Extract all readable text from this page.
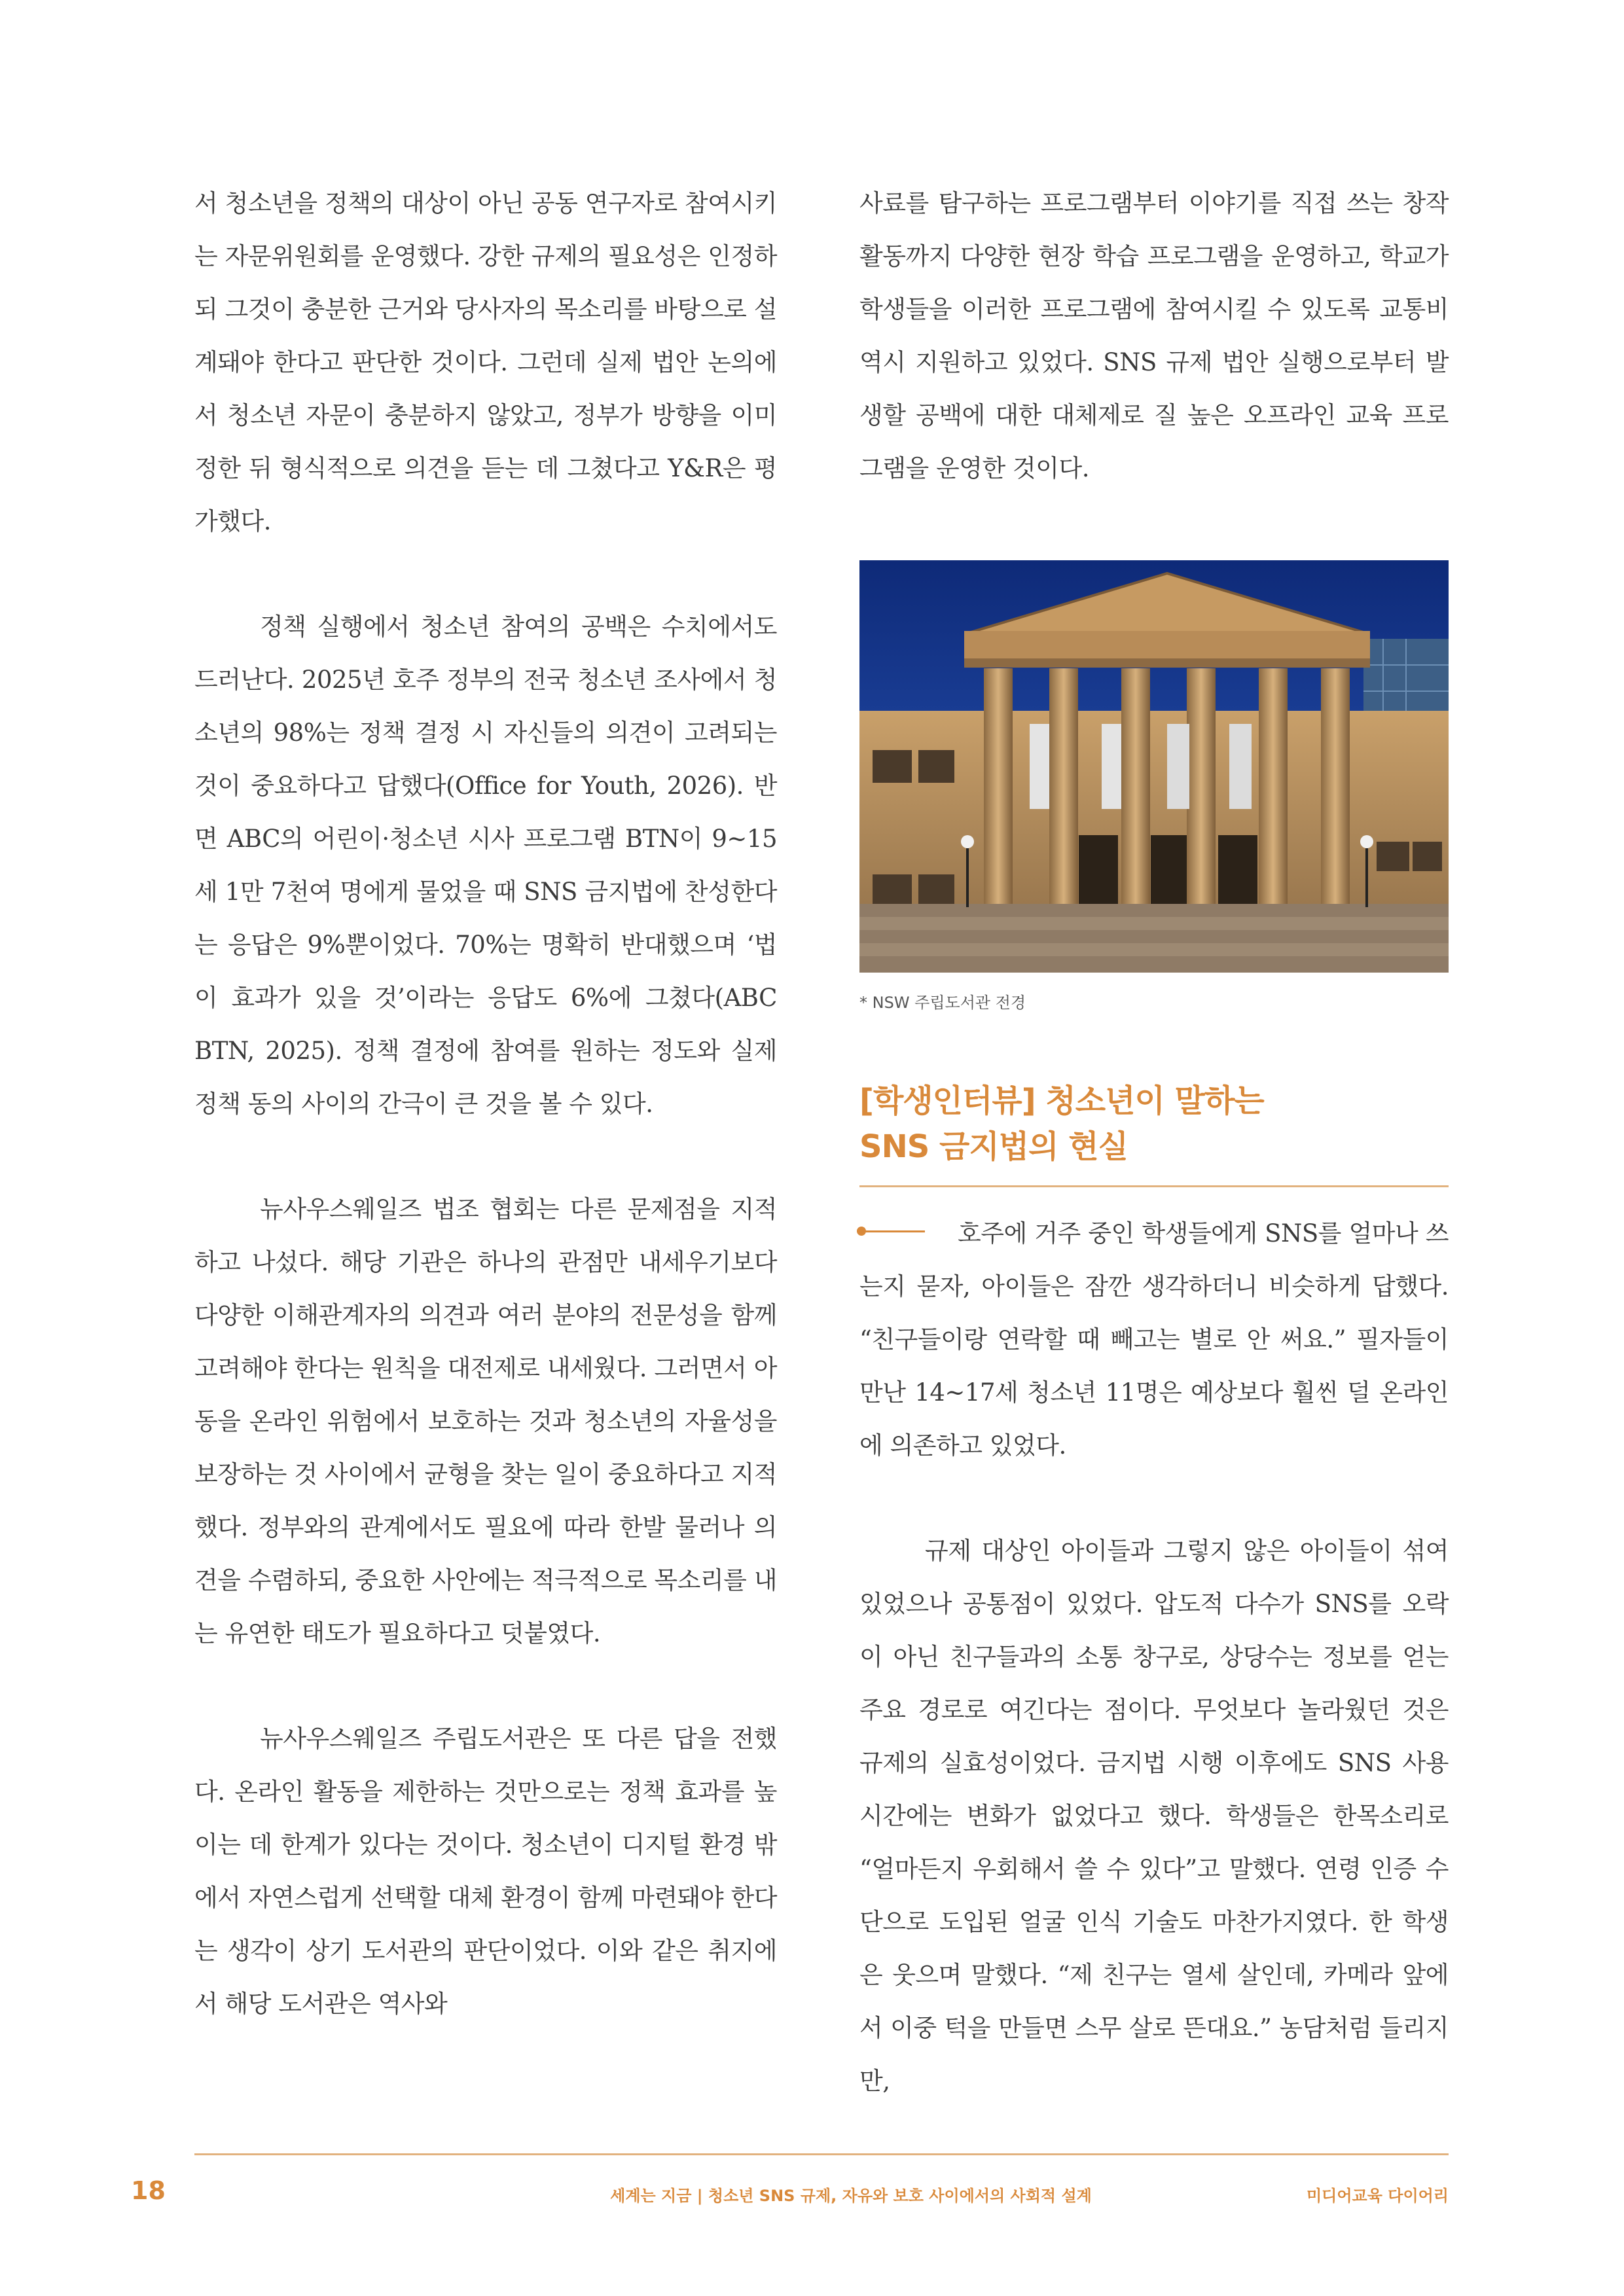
서 청소년을 정책의 대상이 아닌 공동 연구자로 참여시키는 자문위원회를 운영했다. 강한 규제의 필요성은 인정하되 그것이 충분한 근거와 당사자의 목소리를 바탕으로 설계돼야 한다고 판단한 것이다. 그런데 실제 법안 논의에서 청소년 자문이 충분하지 않았고, 정부가 방향을 이미 정한 뒤 형식적으로 의견을 듣는 데 그쳤다고 Y&R은 평가했다.

정책 실행에서 청소년 참여의 공백은 수치에서도 드러난다. 2025년 호주 정부의 전국 청소년 조사에서 청소년의 98%는 정책 결정 시 자신들의 의견이 고려되는 것이 중요하다고 답했다(Office for Youth, 2026). 반면 ABC의 어린이·청소년 시사 프로그램 BTN이 9~15세 1만 7천여 명에게 물었을 때 SNS 금지법에 찬성한다는 응답은 9%뿐이었다. 70%는 명확히 반대했으며 ‘법이 효과가 있을 것’이라는 응답도 6%에 그쳤다(ABC BTN, 2025). 정책 결정에 참여를 원하는 정도와 실제 정책 동의 사이의 간극이 큰 것을 볼 수 있다.

뉴사우스웨일즈 법조 협회는 다른 문제점을 지적하고 나섰다. 해당 기관은 하나의 관점만 내세우기보다 다양한 이해관계자의 의견과 여러 분야의 전문성을 함께 고려해야 한다는 원칙을 대전제로 내세웠다. 그러면서 아동을 온라인 위험에서 보호하는 것과 청소년의 자율성을 보장하는 것 사이에서 균형을 찾는 일이 중요하다고 지적했다. 정부와의 관계에서도 필요에 따라 한발 물러나 의견을 수렴하되, 중요한 사안에는 적극적으로 목소리를 내는 유연한 태도가 필요하다고 덧붙였다.

뉴사우스웨일즈 주립도서관은 또 다른 답을 전했다. 온라인 활동을 제한하는 것만으로는 정책 효과를 높이는 데 한계가 있다는 것이다. 청소년이 디지털 환경 밖에서 자연스럽게 선택할 대체 환경이 함께 마련돼야 한다는 생각이 상기 도서관의 판단이었다. 이와 같은 취지에서 해당 도서관은 역사와

사료를 탐구하는 프로그램부터 이야기를 직접 쓰는 창작 활동까지 다양한 현장 학습 프로그램을 운영하고, 학교가 학생들을 이러한 프로그램에 참여시킬 수 있도록 교통비 역시 지원하고 있었다. SNS 규제 법안 실행으로부터 발생할 공백에 대한 대체제로 질 높은 오프라인 교육 프로그램을 운영한 것이다.

* NSW 주립도서관 전경
[학생인터뷰] 청소년이 말하는
SNS 금지법의 현실

호주에 거주 중인 학생들에게 SNS를 얼마나 쓰는지 묻자, 아이들은 잠깐 생각하더니 비슷하게 답했다. “친구들이랑 연락할 때 빼고는 별로 안 써요.” 필자들이 만난 14~17세 청소년 11명은 예상보다 훨씬 덜 온라인에 의존하고 있었다.

규제 대상인 아이들과 그렇지 않은 아이들이 섞여 있었으나 공통점이 있었다. 압도적 다수가 SNS를 오락이 아닌 친구들과의 소통 창구로, 상당수는 정보를 얻는 주요 경로로 여긴다는 점이다. 무엇보다 놀라웠던 것은 규제의 실효성이었다. 금지법 시행 이후에도 SNS 사용 시간에는 변화가 없었다고 했다. 학생들은 한목소리로 “얼마든지 우회해서 쓸 수 있다”고 말했다. 연령 인증 수단으로 도입된 얼굴 인식 기술도 마찬가지였다. 한 학생은 웃으며 말했다. “제 친구는 열세 살인데, 카메라 앞에서 이중 턱을 만들면 스무 살로 뜬대요.” 농담처럼 들리지만,

18	세계는 지금 | 청소년 SNS 규제, 자유와 보호 사이에서의 사회적 설계	미디어교육 다이어리
